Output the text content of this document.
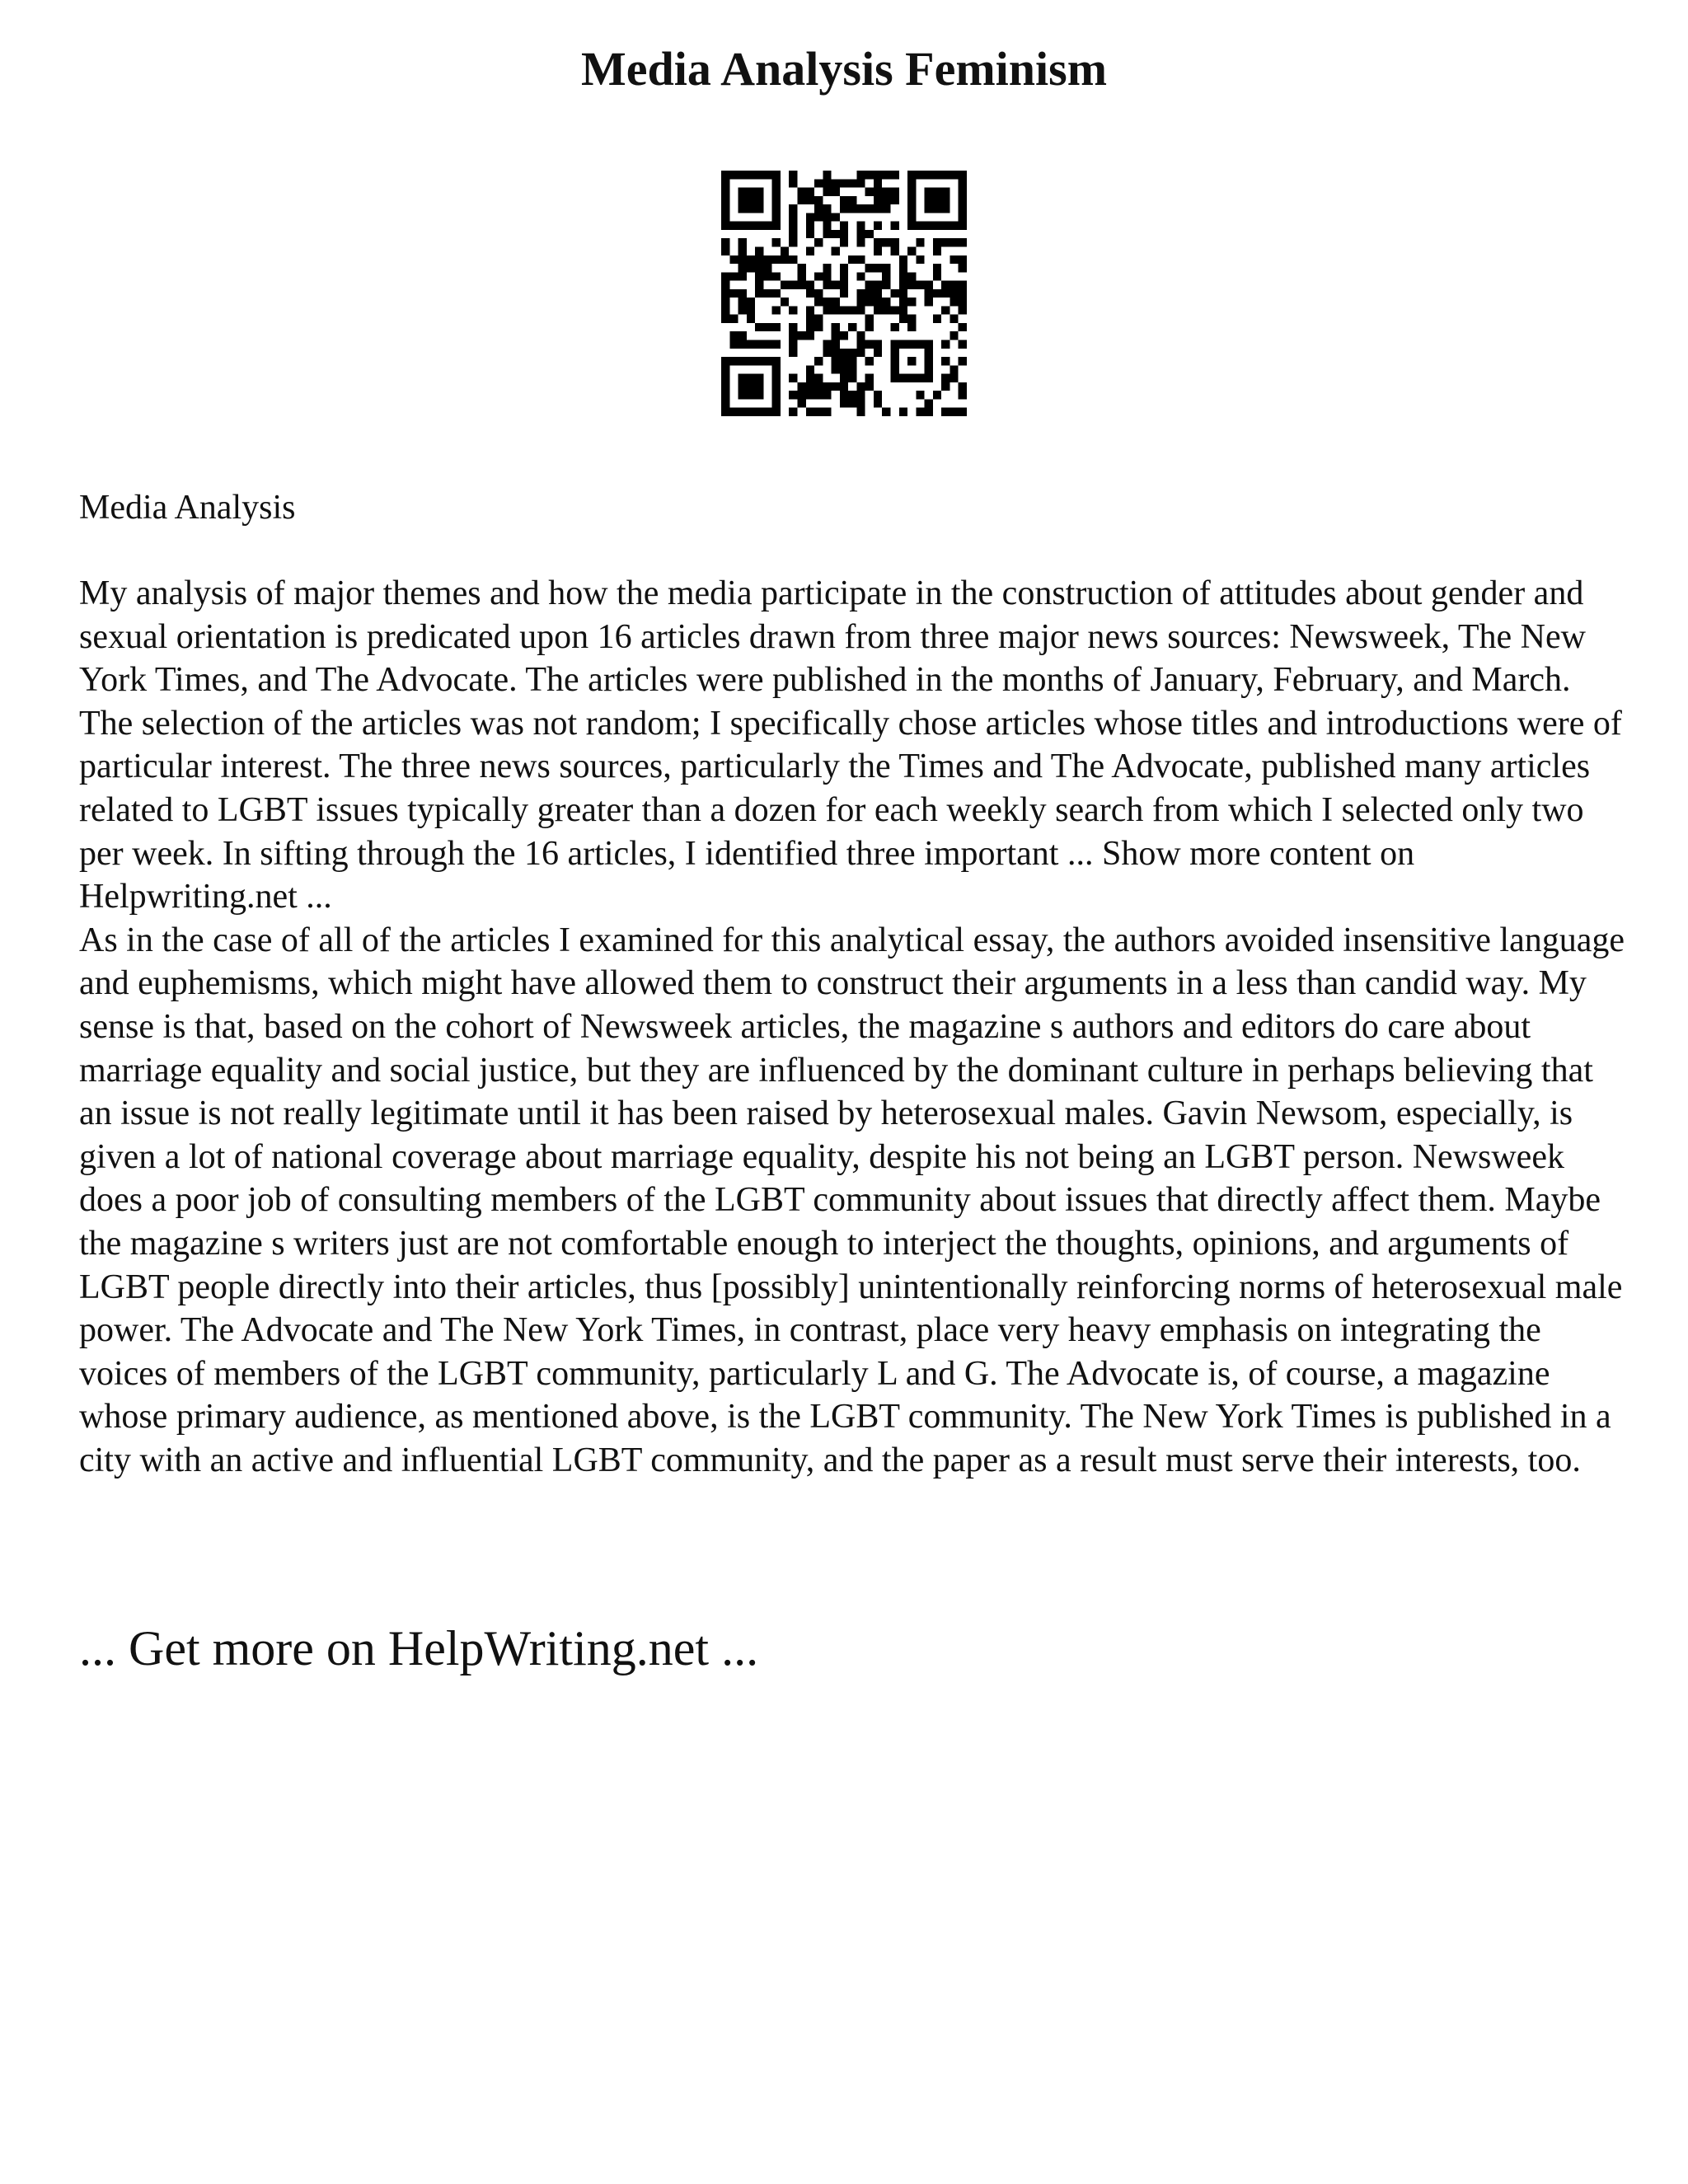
Media Analysis Feminism
Media Analysis

My analysis of major themes and how the media participate in the construction of attitudes about gender and sexual orientation is predicated upon 16 articles drawn from three major news sources: Newsweek, The New York Times, and The Advocate. The articles were published in the months of January, February, and March. The selection of the articles was not random; I specifically chose articles whose titles and introductions were of particular interest. The three news sources, particularly the Times and The Advocate, published many articles related to LGBT issues typically greater than a dozen for each weekly search from which I selected only two per week. In sifting through the 16 articles, I identified three important ... Show more content on Helpwriting.net ...

As in the case of all of the articles I examined for this analytical essay, the authors avoided insensitive language and euphemisms, which might have allowed them to construct their arguments in a less than candid way. My sense is that, based on the cohort of Newsweek articles, the magazine s authors and editors do care about marriage equality and social justice, but they are influenced by the dominant culture in perhaps believing that an issue is not really legitimate until it has been raised by heterosexual males. Gavin Newsom, especially, is given a lot of national coverage about marriage equality, despite his not being an LGBT person. Newsweek does a poor job of consulting members of the LGBT community about issues that directly affect them. Maybe the magazine s writers just are not comfortable enough to interject the thoughts, opinions, and arguments of LGBT people directly into their articles, thus [possibly] unintentionally reinforcing norms of heterosexual male power. The Advocate and The New York Times, in contrast, place very heavy emphasis on integrating the voices of members of the LGBT community, particularly L and G. The Advocate is, of course, a magazine whose primary audience, as mentioned above, is the LGBT community. The New York Times is published in a city with an active and influential LGBT community, and the paper as a result must serve their interests, too.

... Get more on HelpWriting.net ...
